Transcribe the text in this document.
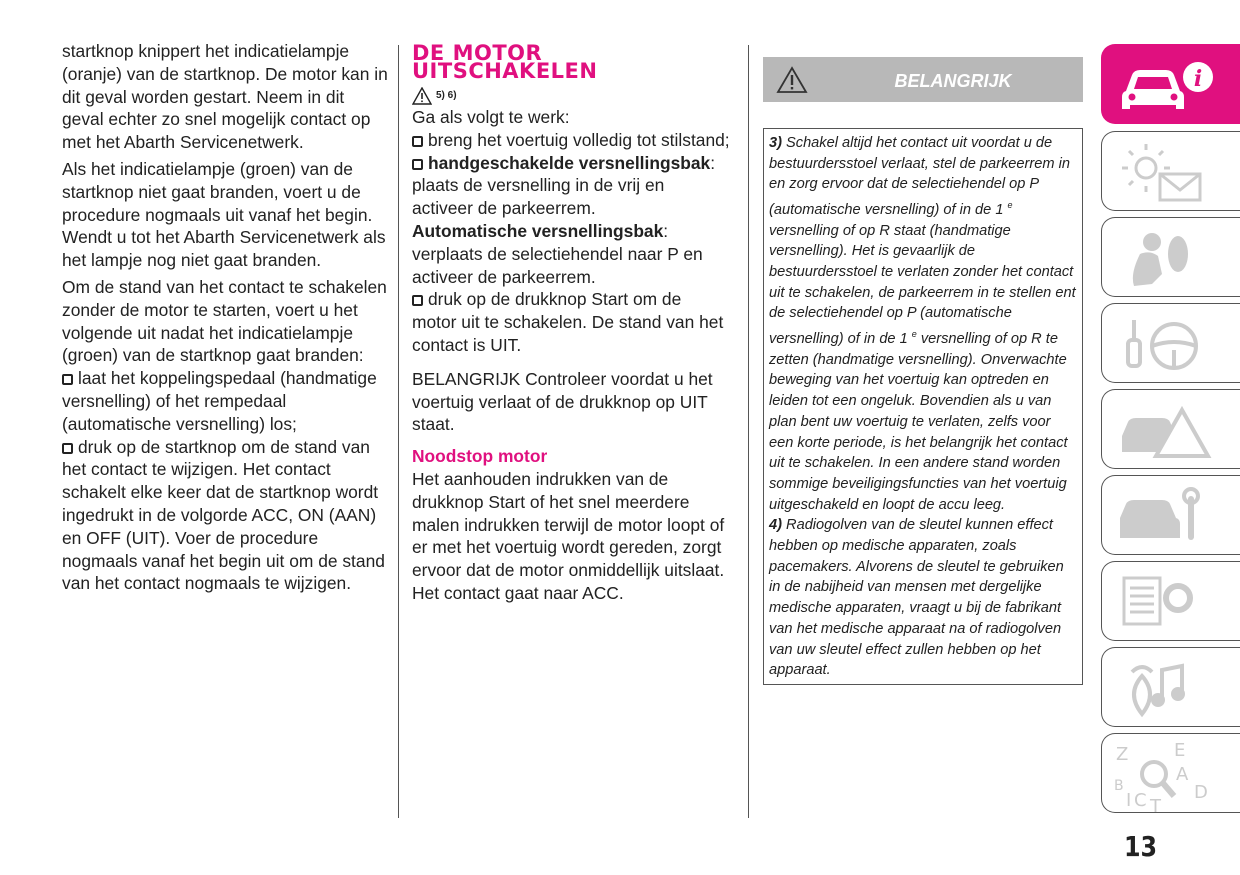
startknop knippert het indicatielampje (oranje) van de startknop. De motor kan in dit geval worden gestart. Neem in dit geval echter zo snel mogelijk contact op met het Abarth Servicenetwerk.

Als het indicatielampje (groen) van de startknop niet gaat branden, voert u de procedure nogmaals uit vanaf het begin. Wendt u tot het Abarth Servicenetwerk als het lampje nog niet gaat branden.

Om de stand van het contact te schakelen zonder de motor te starten, voert u het volgende uit nadat het indicatielampje (groen) van de startknop gaat branden:

laat het koppelingspedaal (handmatige versnelling) of het rempedaal (automatische versnelling) los;

druk op de startknop om de stand van het contact te wijzigen. Het contact schakelt elke keer dat de startknop wordt ingedrukt in de volgorde ACC, ON (AAN) en OFF (UIT). Voer de procedure nogmaals vanaf het begin uit om de stand van het contact nogmaals te wijzigen.

DE MOTOR
UITSCHAKELEN
5) 6)

Ga als volgt te werk:

breng het voertuig volledig tot stilstand;

handgeschakelde versnellingsbak: plaats de versnelling in de vrij en activeer de parkeerrem.

Automatische versnellingsbak: verplaats de selectiehendel naar P en activeer de parkeerrem.

druk op de drukknop Start om de motor uit te schakelen. De stand van het contact is UIT.

BELANGRIJK Controleer voordat u het voertuig verlaat of de drukknop op UIT staat.

Noodstop motor

Het aanhouden indrukken van de drukknop Start of het snel meerdere malen indrukken terwijl de motor loopt of er met het voertuig wordt gereden, zorgt ervoor dat de motor onmiddellijk uitslaat. Het contact gaat naar ACC.

BELANGRIJK

3) Schakel altijd het contact uit voordat u de bestuurdersstoel verlaat, stel de parkeerrem in en zorg ervoor dat de selectiehendel op P (automatische versnelling) of in de 1 $^e$ versnelling of op R staat (handmatige versnelling). Het is gevaarlijk de bestuurdersstoel te verlaten zonder het contact uit te schakelen, de parkeerrem in te stellen ent de selectiehendel op P (automatische versnelling) of in de 1 $^e$ versnelling of op R te zetten (handmatige versnelling). Onverwachte beweging van het voertuig kan optreden en leiden tot een ongeluk. Bovendien als u van plan bent uw voertuig te verlaten, zelfs voor een korte periode, is het belangrijk het contact uit te schakelen. In een andere stand worden sommige beveiligingsfuncties van het voertuig uitgeschakeld en loopt de accu leeg.

4) Radiogolven van de sleutel kunnen effect hebben op medische apparaten, zoals pacemakers. Alvorens de sleutel te gebruiken in de nabijheid van mensen met dergelijke medische apparaten, vraagt u bij de fabrikant van het medische apparaat na of radiogolven van uw sleutel effect zullen hebben op het apparaat.

i
Z	E
A
B
C T
D
I
13
